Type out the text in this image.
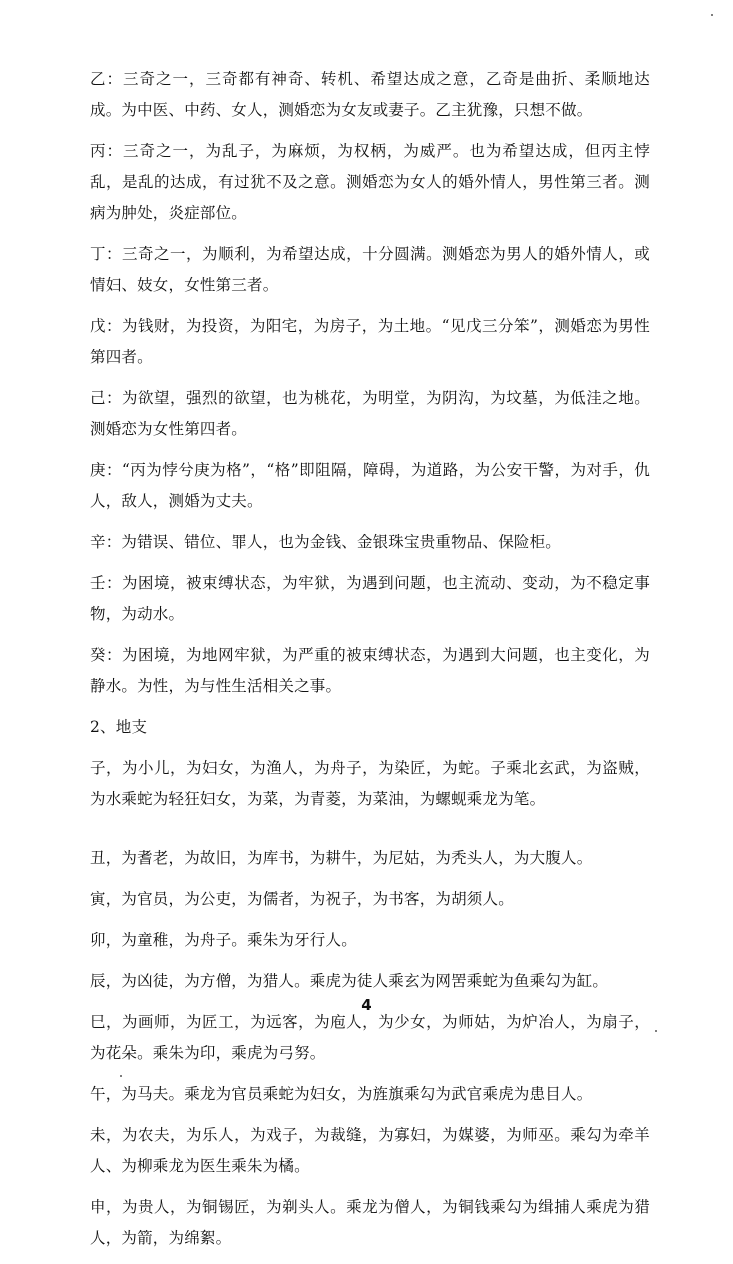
乙：三奇之一，三奇都有神奇、转机、希望达成之意，乙奇是曲折、柔顺地达成。为中医、中药、女人，测婚恋为女友或妻子。乙主犹豫，只想不做。

丙：三奇之一，为乱子，为麻烦，为权柄，为威严。也为希望达成，但丙主悖乱，是乱的达成，有过犹不及之意。测婚恋为女人的婚外情人，男性第三者。测病为肿处，炎症部位。

丁：三奇之一，为顺利，为希望达成，十分圆满。测婚恋为男人的婚外情人，或情妇、妓女，女性第三者。

戊：为钱财，为投资，为阳宅，为房子，为土地。“见戊三分笨”，测婚恋为男性第四者。

己：为欲望，强烈的欲望，也为桃花，为明堂，为阴沟，为坟墓，为低洼之地。测婚恋为女性第四者。

庚：“丙为悖兮庚为格”，“格”即阻隔，障碍，为道路，为公安干警，为对手，仇人，敌人，测婚为丈夫。

辛：为错误、错位、罪人，也为金钱、金银珠宝贵重物品、保险柜。

壬：为困境，被束缚状态，为牢狱，为遇到问题，也主流动、变动，为不稳定事物，为动水。

癸：为困境，为地网牢狱，为严重的被束缚状态，为遇到大问题，也主变化，为静水。为性，为与性生活相关之事。

2、地支

子，为小儿，为妇女，为渔人，为舟子，为染匠，为蛇。子乘北玄武，为盗贼，为水乘蛇为轻狂妇女，为菜，为青菱，为菜油，为螺蚬乘龙为笔。

丑，为耆老，为故旧，为库书，为耕牛，为尼姑，为秃头人，为大腹人。

寅，为官员，为公吏，为儒者，为祝子，为书客，为胡须人。

卯，为童稚，为舟子。乘朱为牙行人。

辰，为凶徒，为方僧，为猎人。乘虎为徒人乘玄为网罟乘蛇为鱼乘勾为缸。

巳，为画师，为匠工，为远客，为庖人，为少女，为师姑，为炉冶人，为扇子，为花朵。乘朱为印，乘虎为弓努。

午，为马夫。乘龙为官员乘蛇为妇女，为旌旗乘勾为武官乘虎为患目人。

未，为农夫，为乐人，为戏子，为裁缝，为寡妇，为媒婆，为师巫。乘勾为牵羊人、为柳乘龙为医生乘朱为橘。

申，为贵人，为铜锡匠，为剃头人。乘龙为僧人，为铜钱乘勾为缉捕人乘虎为猎人，为箭，为绵絮。

4
